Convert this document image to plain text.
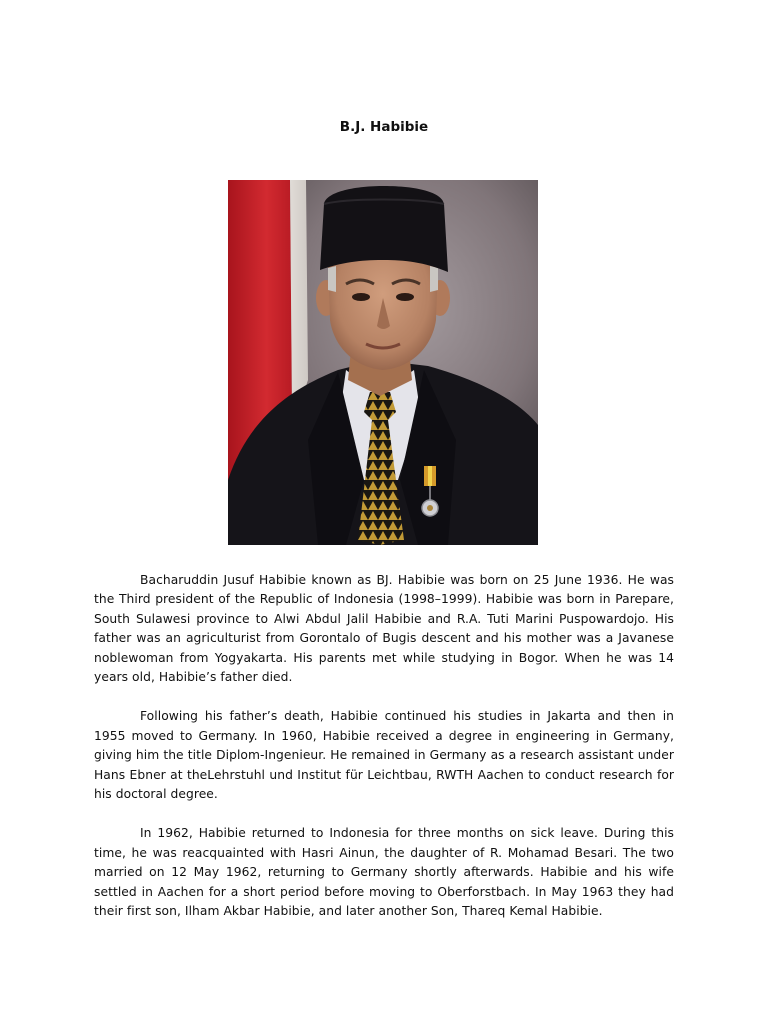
B.J. Habibie

Bacharuddin Jusuf Habibie known as BJ. Habibie was born on 25 June 1936. He was the Third president of the Republic of Indonesia (1998–1999). Habibie was born in Parepare, South Sulawesi province to Alwi Abdul Jalil Habibie and R.A. Tuti Marini Puspowardojo. His father was an agriculturist from Gorontalo of Bugis descent and his mother was a Javanese noblewoman from Yogyakarta. His parents met while studying in Bogor. When he was 14 years old, Habibie’s father died.

Following his father’s death, Habibie continued his studies in Jakarta and then in 1955 moved to Germany. In 1960, Habibie received a degree in engineering in Germany, giving him the title Diplom-Ingenieur. He remained in Germany as a research assistant under Hans Ebner at theLehrstuhl und Institut für Leichtbau, RWTH Aachen to conduct research for his doctoral degree.

In 1962, Habibie returned to Indonesia for three months on sick leave. During this time, he was reacquainted with Hasri Ainun, the daughter of R. Mohamad Besari. The two married on 12 May 1962, returning to Germany shortly afterwards. Habibie and his wife settled in Aachen for a short period before moving to Oberforstbach. In May 1963 they had their first son, Ilham Akbar Habibie, and later another Son, Thareq Kemal Habibie.
